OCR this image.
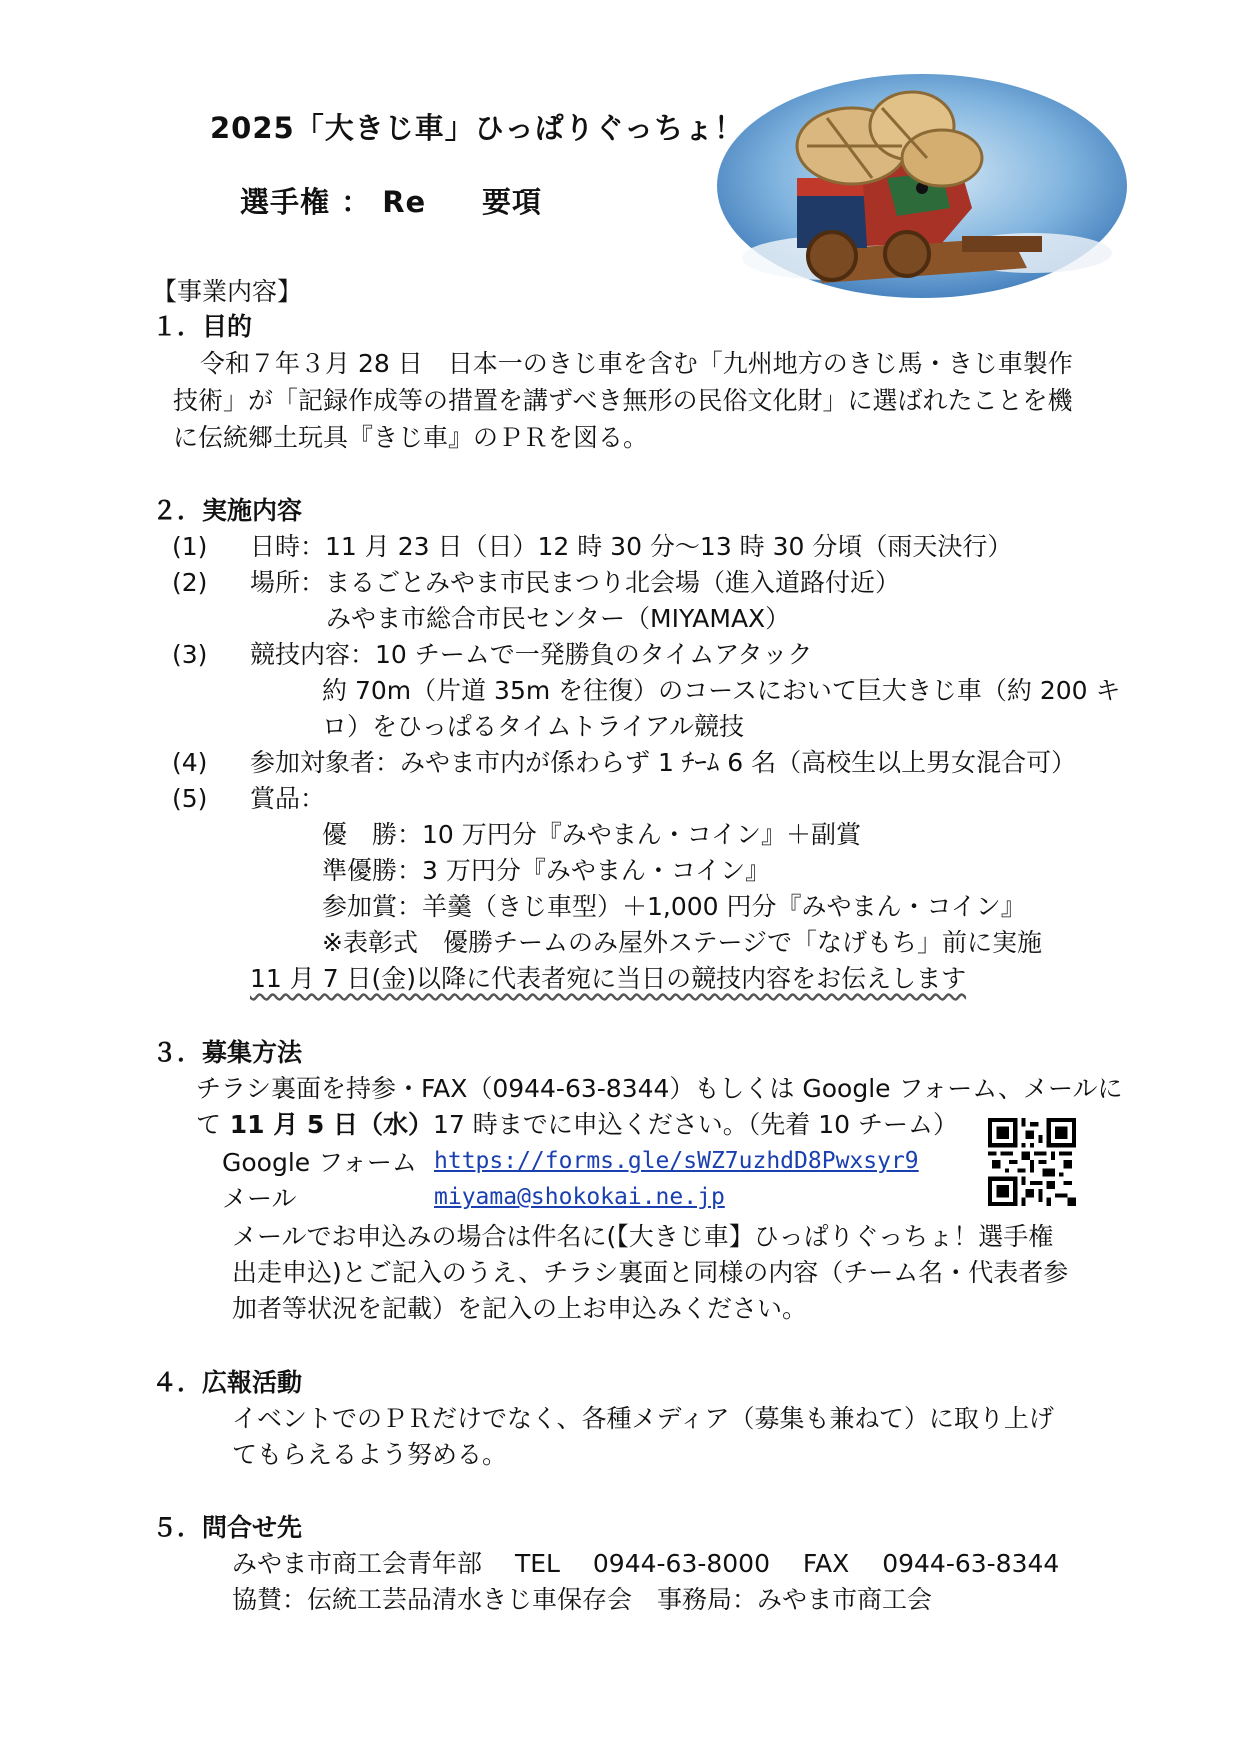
2025「大きじ車」ひっぱりぐっちょ！
選手権 ： Re 要項
【事業内容】
１．目的
令和７年３月 28 日　日本一のきじ車を含む「九州地方のきじ馬・きじ車製作
技術」が「記録作成等の措置を講ずべき無形の民俗文化財」に選ばれたことを機
に伝統郷土玩具『きじ車』のＰＲを図る。
２．実施内容
(1) 日時：11 月 23 日（日）12 時 30 分～13 時 30 分頃（雨天決行）
(2) 場所：まるごとみやま市民まつり北会場（進入道路付近）
みやま市総合市民センター（MIYAMAX）
(3) 競技内容：10 チームで一発勝負のタイムアタック
約 70m（片道 35m を往復）のコースにおいて巨大きじ車（約 200 キ
ロ）をひっぱるタイムトライアル競技
(4) 参加対象者：みやま市内が係わらず 1 ﾁｰﾑ 6 名（高校生以上男女混合可）
(5) 賞品：
優　勝：10 万円分『みやまん・コイン』＋副賞
準優勝：3 万円分『みやまん・コイン』
参加賞：羊羹（きじ車型）＋1,000 円分『みやまん・コイン』
※表彰式　優勝チームのみ屋外ステージで「なげもち」前に実施
11 月 7 日(金)以降に代表者宛に当日の競技内容をお伝えします
３．募集方法
チラシ裏面を持参・FAX（0944-63-8344）もしくは Google フォーム、メールに
て 11 月 5 日（水）17 時までに申込ください。（先着 10 チーム）
Google フォーム https://forms.gle/sWZ7uzhdD8Pwxsyr9
メール	miyama@shokokai.ne.jp
メールでお申込みの場合は件名に(【大きじ車】ひっぱりぐっちょ！選手権
出走申込)とご記入のうえ、チラシ裏面と同様の内容（チーム名・代表者参
加者等状況を記載）を記入の上お申込みください。
４．広報活動
イベントでのＰＲだけでなく、各種メディア（募集も兼ねて）に取り上げ
てもらえるよう努める。
５．問合せ先
みやま市商工会青年部　 TEL　 0944-63-8000　 FAX　 0944-63-8344
協賛：伝統工芸品清水きじ車保存会　事務局：みやま市商工会
